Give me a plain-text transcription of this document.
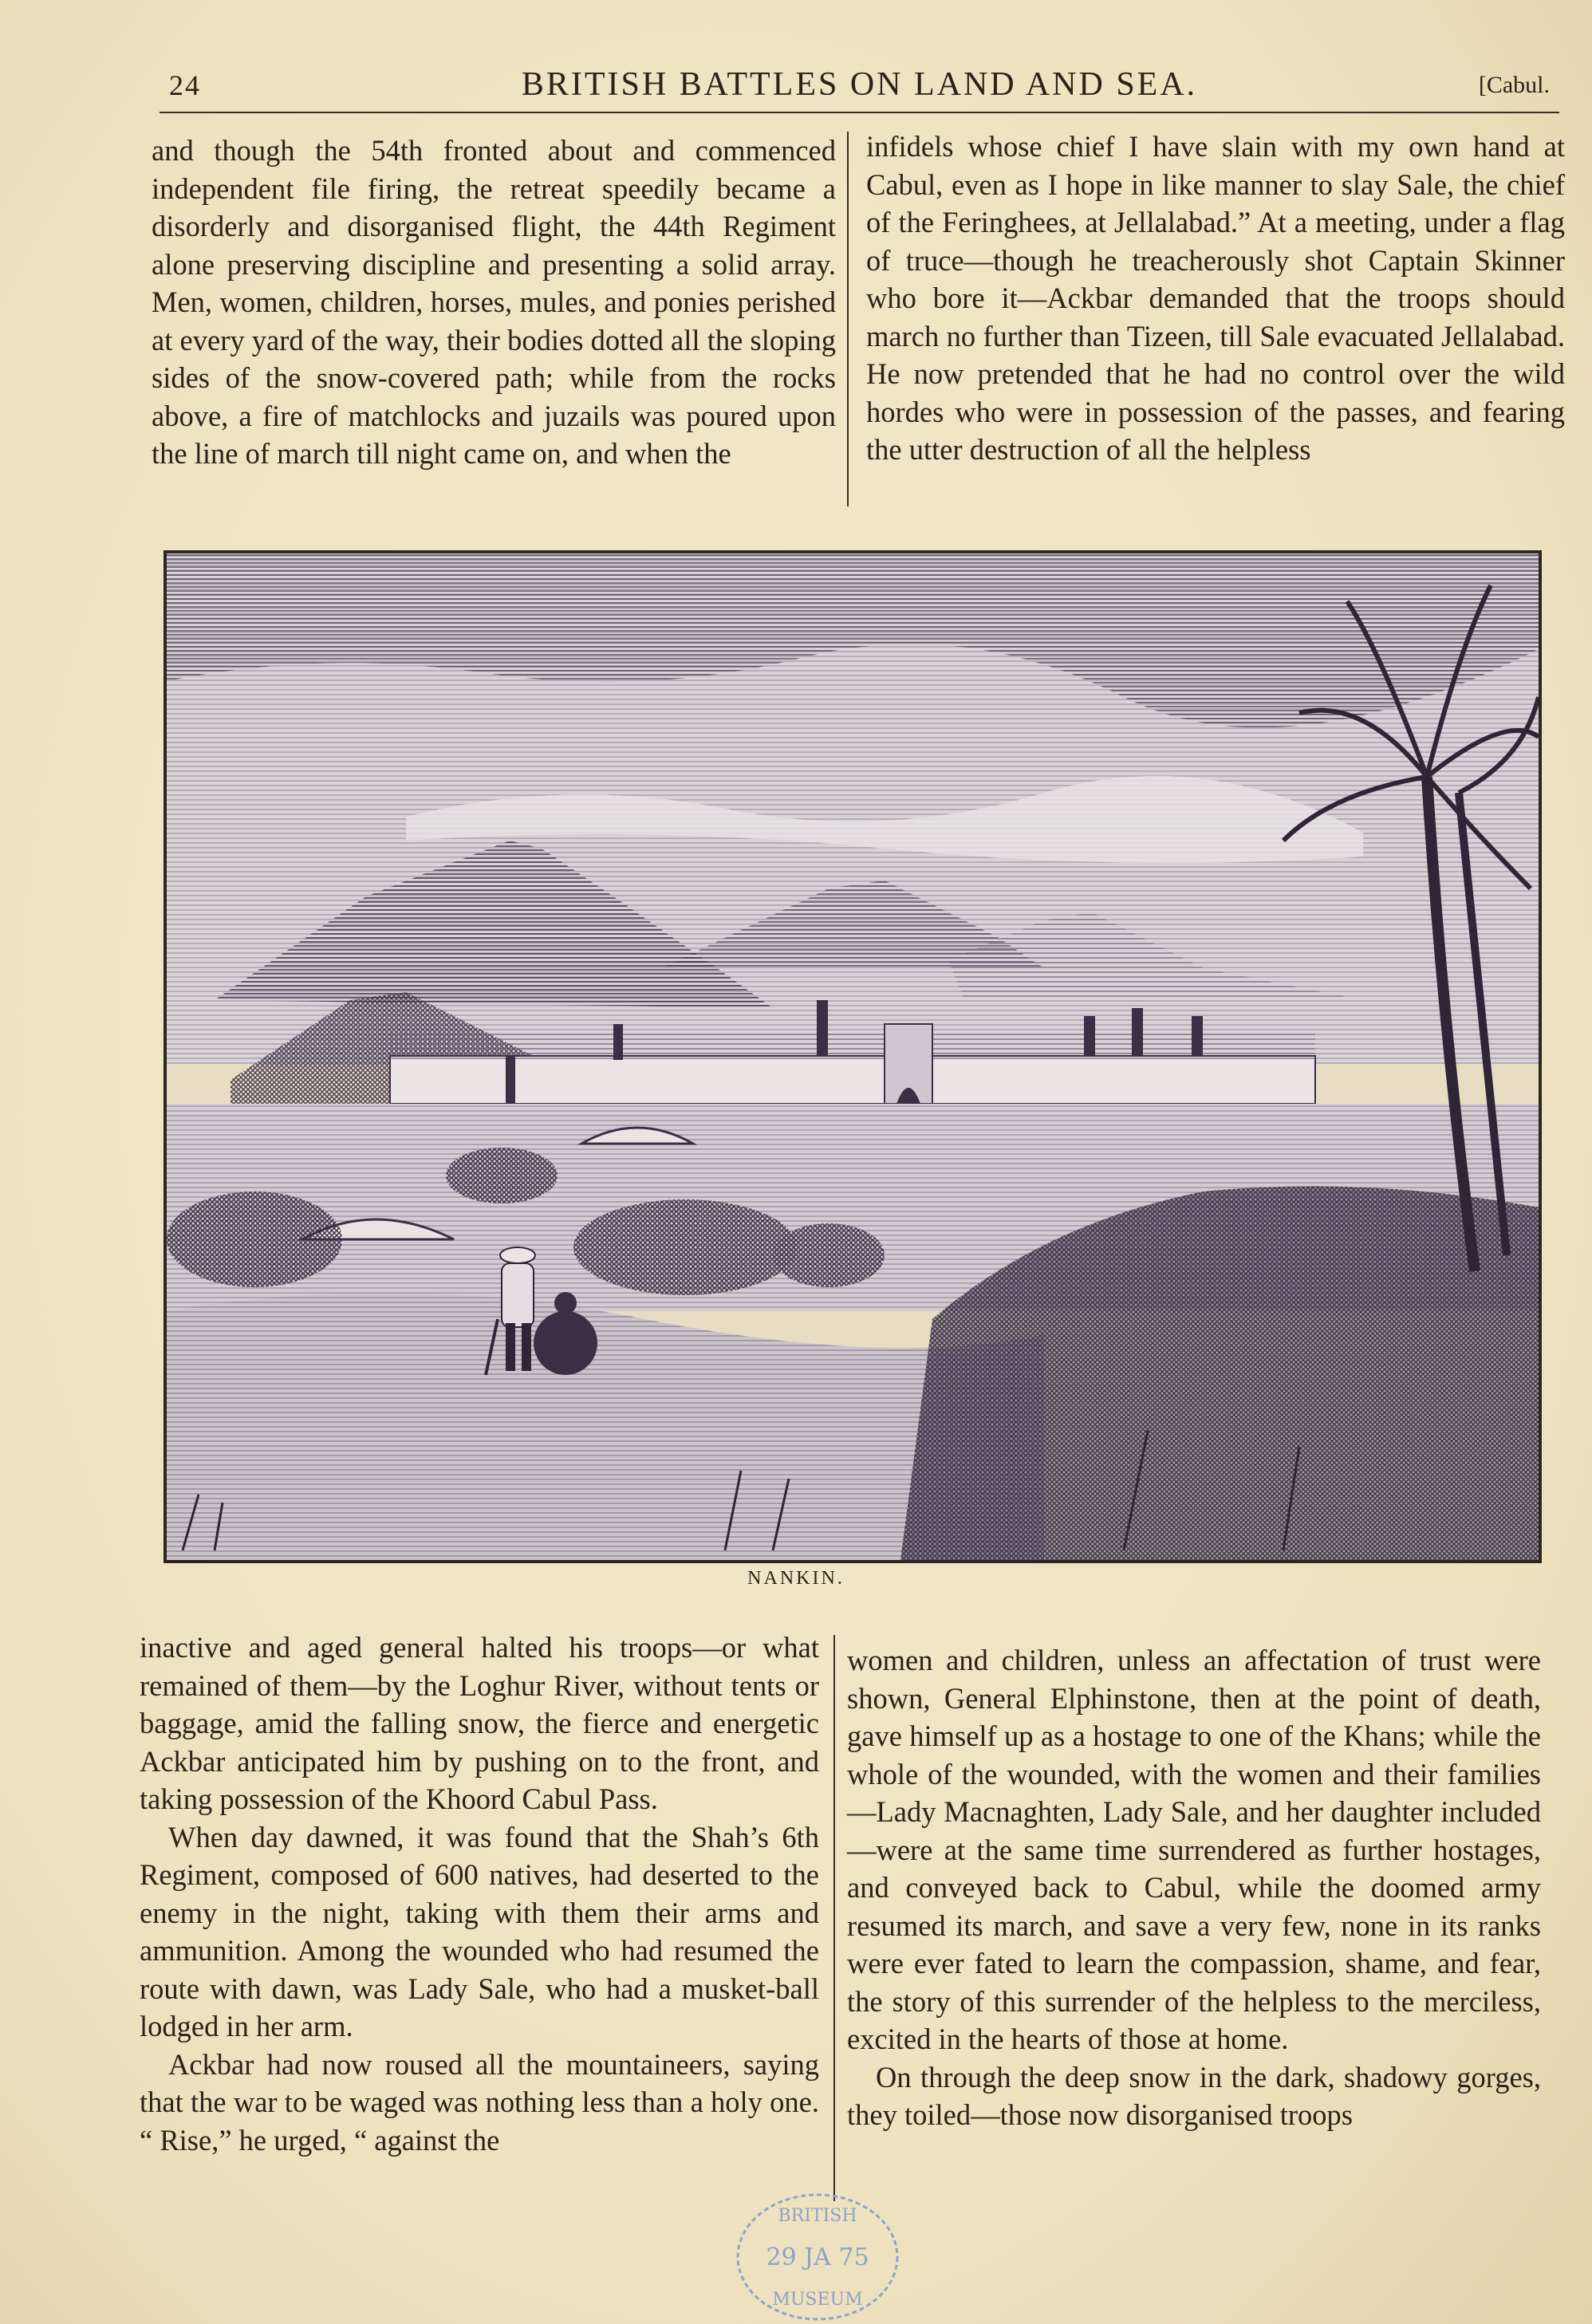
24	BRITISH BATTLES ON LAND AND SEA.	[Cabul.

and though the 54th fronted about and commenced independent file firing, the retreat speedily became a disorderly and disorganised flight, the 44th Regiment alone preserving discipline and presenting a solid array. Men, women, children, horses, mules, and ponies perished at every yard of the way, their bodies dotted all the sloping sides of the snow-covered path; while from the rocks above, a fire of matchlocks and juzails was poured upon the line of march till night came on, and when the

infidels whose chief I have slain with my own hand at Cabul, even as I hope in like manner to slay Sale, the chief of the Feringhees, at Jellalabad.” At a meeting, under a flag of truce—though he treacherously shot Captain Skinner who bore it—Ackbar demanded that the troops should march no further than Tizeen, till Sale evacuated Jellalabad. He now pretended that he had no control over the wild hordes who were in possession of the passes, and fearing the utter destruction of all the helpless

NANKIN.

inactive and aged general halted his troops—or what remained of them—by the Loghur River, without tents or baggage, amid the falling snow, the fierce and energetic Ackbar anticipated him by pushing on to the front, and taking possession of the Khoord Cabul Pass.

When day dawned, it was found that the Shah’s 6th Regiment, composed of 600 natives, had deserted to the enemy in the night, taking with them their arms and ammunition. Among the wounded who had resumed the route with dawn, was Lady Sale, who had a musket-ball lodged in her arm.

Ackbar had now roused all the mountaineers, saying that the war to be waged was nothing less than a holy one. “ Rise,” he urged, “ against the

women and children, unless an affectation of trust were shown, General Elphinstone, then at the point of death, gave himself up as a hostage to one of the Khans; while the whole of the wounded, with the women and their families—Lady Macnaghten, Lady Sale, and her daughter included—were at the same time surrendered as further hostages, and conveyed back to Cabul, while the doomed army resumed its march, and save a very few, none in its ranks were ever fated to learn the compassion, shame, and fear, the story of this surrender of the helpless to the merciless, excited in the hearts of those at home.

On through the deep snow in the dark, shadowy gorges, they toiled—those now disorganised troops

BRITISH
29 JA 75
MUSEUM
